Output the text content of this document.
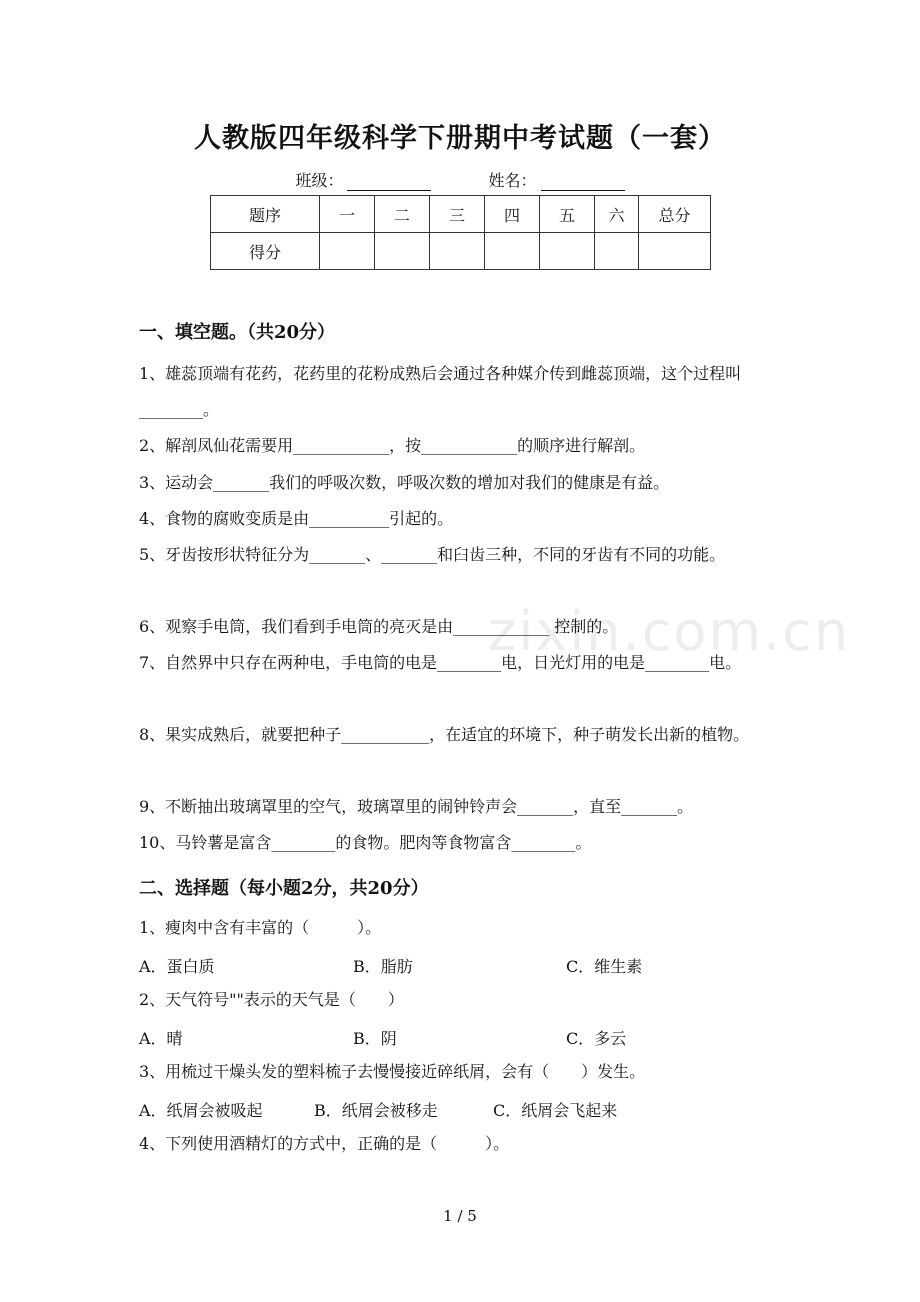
人教版四年级科学下册期中考试题（一套）
班级：	姓名：
题序	一	二	三	四	五	六	总分
得分							
一、填空题。（共20分）
1、雄蕊顶端有花药，花药里的花粉成熟后会通过各种媒介传到雌蕊顶端，这个过程叫________。
2、解剖凤仙花需要用____________，按____________的顺序进行解剖。
3、运动会_______我们的呼吸次数，呼吸次数的增加对我们的健康是有益。
4、食物的腐败变质是由__________引起的。
5、牙齿按形状特征分为_______、_______和臼齿三种，不同的牙齿有不同的功能。
6、观察手电筒，我们看到手电筒的亮灭是由____________ 控制的。
7、自然界中只存在两种电，手电筒的电是________电，日光灯用的电是________电。
8、果实成熟后，就要把种子___________，在适宜的环境下，种子萌发长出新的植物。
9、不断抽出玻璃罩里的空气，玻璃罩里的闹钟铃声会_______，直至_______。
10、马铃薯是富含________的食物。肥肉等食物富含________。
二、选择题（每小题2分，共20分）
1、瘦肉中含有丰富的（　　　）。
A．蛋白质	B．脂肪	C．维生素
2、天气符号""表示的天气是（　　）
A．晴	B．阴	C．多云
3、用梳过干燥头发的塑料梳子去慢慢接近碎纸屑，会有（　　）发生。
A．纸屑会被吸起	B．纸屑会被移走	C．纸屑会飞起来
4、下列使用酒精灯的方式中，正确的是（　　　）。
zixin.com.cn
1 / 5
